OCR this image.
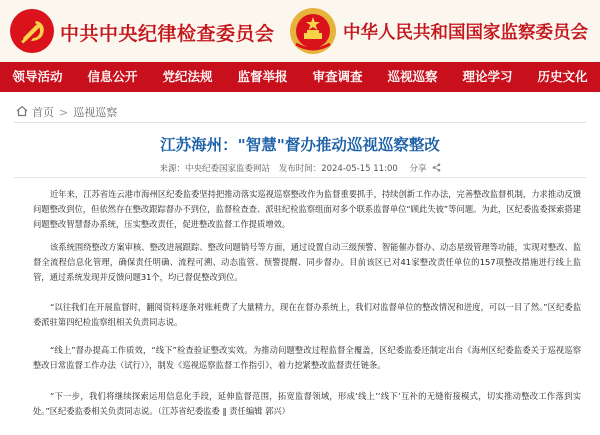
中共中央纪律检查委员会	中华人民共和国国家监察委员会
领导活动	信息公开	党纪法规	监督举报	审查调查	巡视巡察	理论学习	历史文化
首页 > 巡视巡察
江苏海州："智慧"督办推动巡视巡察整改
来源：中央纪委国家监委网站 发布时间：2024-05-15 11:00 分享

近年来，江苏省连云港市海州区纪委监委坚持把推动落实巡视巡察整改作为监督重要抓手，持续创新工作办法，完善整改监督机制，力求推动反馈问题整改到位，但依然存在整改跟踪督办不到位，监督检查查、派驻纪检监察组面对多个联系监督单位“顾此失彼”等问题。为此，区纪委监委探索搭建问题整改智慧督办系统，压实整改责任，促进整改监督工作提质增效。

该系统围绕整改方案审核、整改进展跟踪、整改问题销号等方面，通过设置自动三级预警、智能催办督办、动态星级管理等功能，实现对整改、监督全流程信息化管理，确保责任明确、流程可溯、动态监管、预警提醒、同步督办。目前该区已对41家整改责任单位的157项整改措施进行线上监管，通过系统发现并反馈问题31个，均已督促整改到位。

“以往我们在开展监督时，翻阅资料逐条对账耗费了大量精力，现在在督办系统上，我们对监督单位的整改情况和进度，可以一目了然。”区纪委监委派驻第四纪检监察组相关负责同志说。

“线上”督办提高工作质效，“线下”检查验证整改实效。为推动问题整改过程监督全覆盖，区纪委监委还制定出台《海州区纪委监委关于巡视巡察整改日常监督工作办法（试行）》，制发《巡视巡察监督工作指引》，着力挖紧整改监督责任链条。

“下一步，我们将继续探索运用信息化手段，延伸监督范围，拓宽监督领域，形成‘线上’‘线下’互补的无缝衔接模式，切实推动整改工作落到实处。”区纪委监委相关负责同志说。（江苏省纪委监委 ‖ 责任编辑 郭兴）
